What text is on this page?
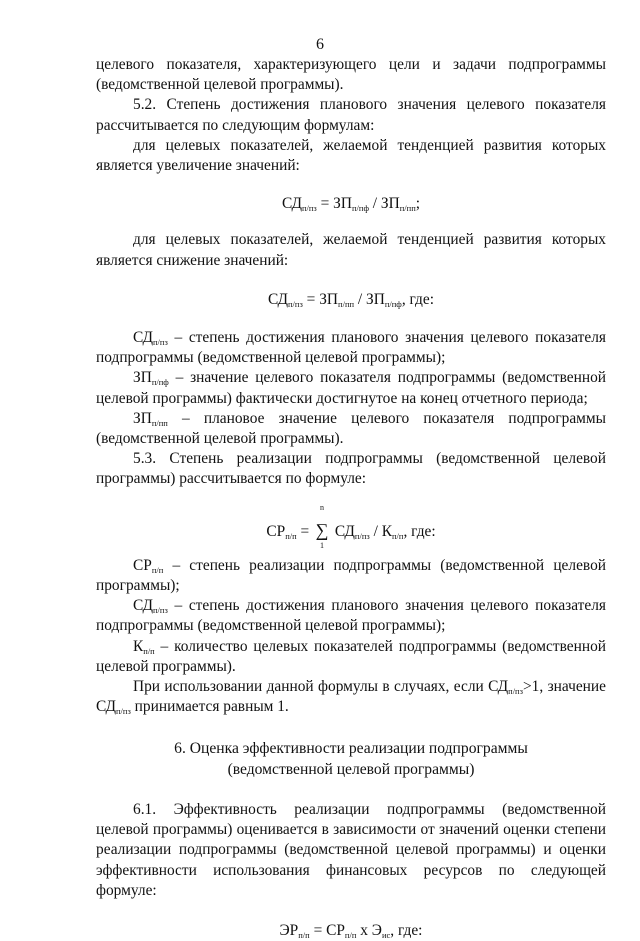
6

целевого показателя, характеризующего цели и задачи подпрограммы (ведомственной целевой программы).

5.2. Степень достижения планового значения целевого показателя рассчитывается по следующим формулам:

для целевых показателей, желаемой тенденцией развития которых является увеличение значений:

$СД_{п/пз} = ЗП_{п/пф} / ЗП_{п/пп}$;

для целевых показателей, желаемой тенденцией развития которых является снижение значений:

$СД_{п/пз} = ЗП_{п/пп} / ЗП_{п/пф}$, где:

$СД_{п/пз}$ – степень достижения планового значения целевого показателя подпрограммы (ведомственной целевой программы);

$ЗП_{п/пф}$ – значение целевого показателя подпрограммы (ведомственной целевой программы) фактически достигнутое на конец отчетного периода;

$ЗП_{п/пп}$ – плановое значение целевого показателя подпрограммы (ведомственной целевой программы).

5.3. Степень реализации подпрограммы (ведомственной целевой программы) рассчитывается по формуле:

$СР_{п/п}$ =
n
∑
1
$СД_{п/пз} / К_{п/п}$, где:

$СР_{п/п}$ – степень реализации подпрограммы (ведомственной целевой программы);

$СД_{п/пз}$ – степень достижения планового значения целевого показателя подпрограммы (ведомственной целевой программы);

$К_{п/п}$ – количество целевых показателей подпрограммы (ведомственной целевой программы).

При использовании данной формулы в случаях, если $СД_{п/пз}>1$, значение $СД_{п/пз}$ принимается равным 1.

6. Оценка эффективности реализации подпрограммы

(ведомственной целевой программы)

6.1. Эффективность реализации подпрограммы (ведомственной целевой программы) оценивается в зависимости от значений оценки степени реализации подпрограммы (ведомственной целевой программы) и оценки эффективности использования финансовых ресурсов по следующей формуле:

$ЭР_{п/п} = СР_{п/п}$ х $Э_{ис}$, где:
